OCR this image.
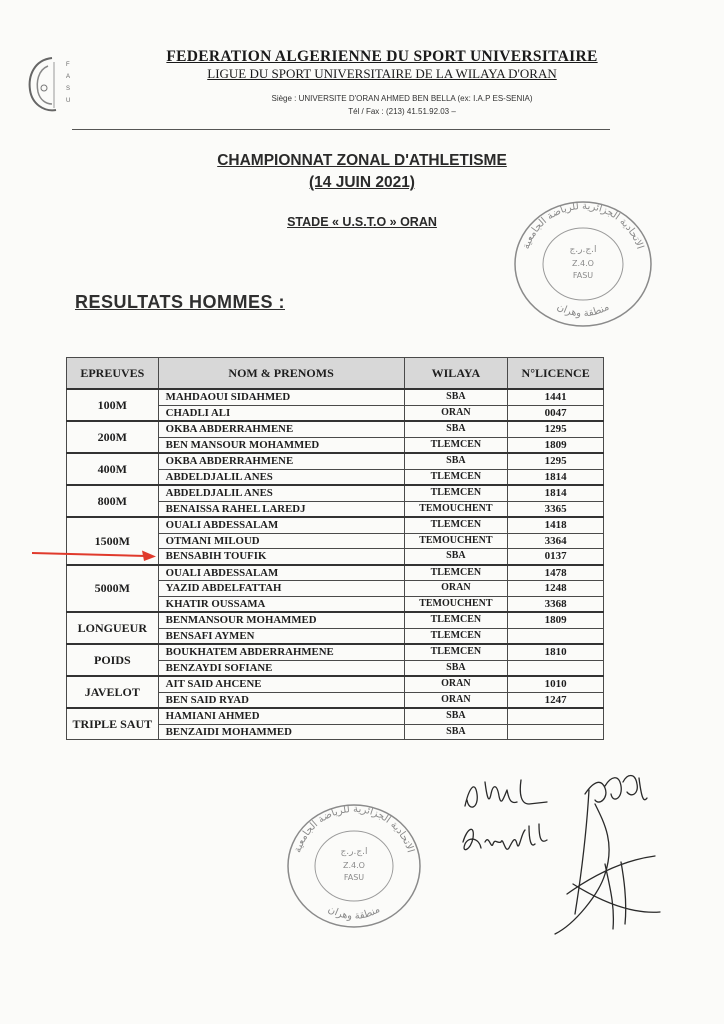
F
A
S
U
FEDERATION ALGERIENNE DU SPORT UNIVERSITAIRE
LIGUE DU SPORT UNIVERSITAIRE DE LA WILAYA D'ORAN
Siège : UNIVERSITE D'ORAN AHMED BEN BELLA (ex: I.A.P ES-SENIA)
Tél / Fax : (213) 41.51.92.03 –
CHAMPIONNAT ZONAL D'ATHLETISME
(14 JUIN 2021)
STADE « U.S.T.O » ORAN
RESULTATS HOMMES :
الاتحادية الجزائرية للرياضة الجامعية
ا.ج.ر.ج
Z.4.O
FASU
منطقة وهران
EPREUVES	NOM & PRENOMS	WILAYA	N°LICENCE
100M	MAHDAOUI SIDAHMED	SBA	1441
	CHADLI ALI	ORAN	0047
200M	OKBA ABDERRAHMENE	SBA	1295
	BEN MANSOUR MOHAMMED	TLEMCEN	1809
400M	OKBA ABDERRAHMENE	SBA	1295
	ABDELDJALIL ANES	TLEMCEN	1814
800M	ABDELDJALIL ANES	TLEMCEN	1814
	BENAISSA RAHEL LAREDJ	TEMOUCHENT	3365
1500M	OUALI ABDESSALAM	TLEMCEN	1418
	OTMANI MILOUD	TEMOUCHENT	3364
	BENSABIH TOUFIK	SBA	0137
5000M	OUALI ABDESSALAM	TLEMCEN	1478
	YAZID ABDELFATTAH	ORAN	1248
	KHATIR OUSSAMA	TEMOUCHENT	3368
LONGUEUR	BENMANSOUR MOHAMMED	TLEMCEN	1809
	BENSAFI AYMEN	TLEMCEN	
POIDS	BOUKHATEM ABDERRAHMENE	TLEMCEN	1810
	BENZAYDI SOFIANE	SBA	
JAVELOT	AIT SAID AHCENE	ORAN	1010
	BEN SAID RYAD	ORAN	1247
TRIPLE SAUT	HAMIANI AHMED	SBA	
	BENZAIDI MOHAMMED	SBA	
الاتحادية الجزائرية للرياضة الجامعية
ا.ج.ر.ج
Z.4.O
FASU
منطقة وهران
